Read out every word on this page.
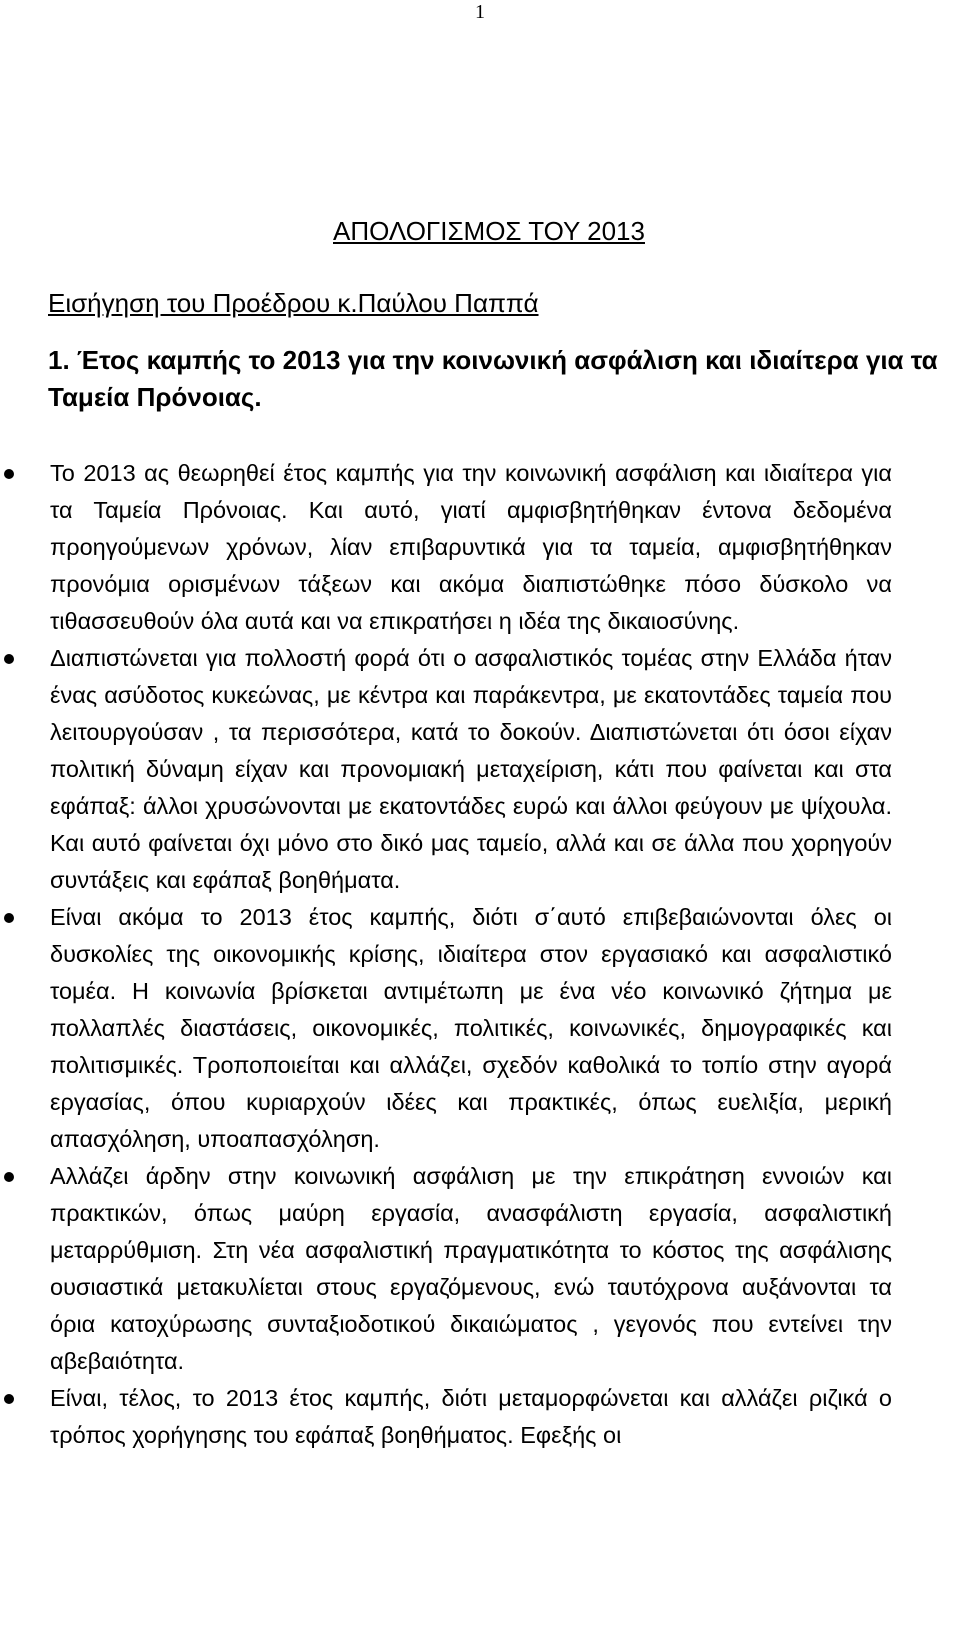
1
ΑΠΟΛΟΓΙΣΜΟΣ ΤΟΥ 2013
Εισήγηση του Προέδρου κ.Παύλου Παππά
1. Έτος καμπής το 2013 για την κοινωνική ασφάλιση και ιδιαίτερα για τα Ταμεία Πρόνοιας.
Το 2013 ας θεωρηθεί έτος καμπής για την κοινωνική ασφάλιση και ιδιαίτερα για τα Ταμεία Πρόνοιας. Και αυτό, γιατί αμφισβητήθηκαν έντονα δεδομένα προηγούμενων χρόνων, λίαν επιβαρυντικά για τα ταμεία, αμφισβητήθηκαν προνόμια ορισμένων τάξεων και ακόμα διαπιστώθηκε πόσο δύσκολο να τιθασσευθούν όλα αυτά και να επικρατήσει η ιδέα της δικαιοσύνης.
Διαπιστώνεται για πολλοστή φορά ότι ο ασφαλιστικός τομέας στην Ελλάδα ήταν ένας ασύδοτος κυκεώνας, με κέντρα και παράκεντρα, με εκατοντάδες ταμεία που λειτουργούσαν , τα περισσότερα, κατά το δοκούν. Διαπιστώνεται ότι όσοι είχαν πολιτική δύναμη είχαν και προνομιακή μεταχείριση, κάτι που φαίνεται και στα εφάπαξ: άλλοι χρυσώνονται με εκατοντάδες ευρώ και άλλοι φεύγουν με ψίχουλα. Και αυτό φαίνεται όχι μόνο στο δικό μας ταμείο, αλλά και σε άλλα που χορηγούν συντάξεις και εφάπαξ βοηθήματα.
Είναι ακόμα το 2013 έτος καμπής, διότι σ΄αυτό επιβεβαιώνονται όλες οι δυσκολίες της οικονομικής κρίσης, ιδιαίτερα στον εργασιακό και ασφαλιστικό τομέα. Η κοινωνία βρίσκεται αντιμέτωπη με ένα νέο κοινωνικό ζήτημα με πολλαπλές διαστάσεις, οικονομικές, πολιτικές, κοινωνικές, δημογραφικές και πολιτισμικές. Τροποποιείται και αλλάζει, σχεδόν καθολικά το τοπίο στην αγορά εργασίας, όπου κυριαρχούν ιδέες και πρακτικές, όπως ευελιξία, μερική απασχόληση, υποαπασχόληση.
Αλλάζει άρδην στην κοινωνική ασφάλιση με την επικράτηση εννοιών και πρακτικών, όπως μαύρη εργασία, ανασφάλιστη εργασία, ασφαλιστική μεταρρύθμιση. Στη νέα ασφαλιστική πραγματικότητα το κόστος της ασφάλισης ουσιαστικά μετακυλίεται στους εργαζόμενους, ενώ ταυτόχρονα αυξάνονται τα όρια κατοχύρωσης συνταξιοδοτικού δικαιώματος , γεγονός που εντείνει την αβεβαιότητα.
Είναι, τέλος, το 2013 έτος καμπής, διότι μεταμορφώνεται και αλλάζει ριζικά ο τρόπος χορήγησης του εφάπαξ βοηθήματος. Εφεξής οι
